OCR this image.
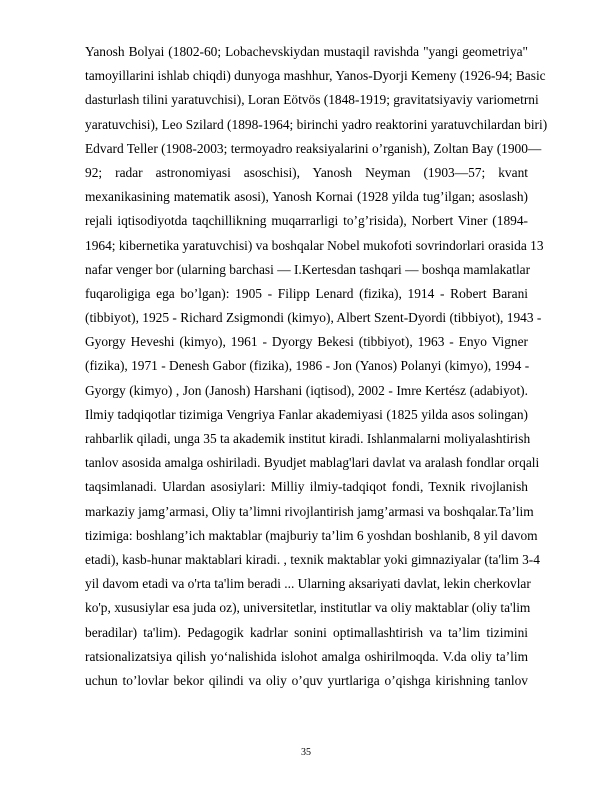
Yanosh Bolyai (1802-60; Lobachevskiydan mustaqil ravishda "yangi geometriya"
tamoyillarini ishlab chiqdi) dunyoga mashhur, Yanos-Dyorji Kemeny (1926-94; Basic
dasturlash tilini yaratuvchisi), Loran Eötvös (1848-1919; gravitatsiyaviy variometrni
yaratuvchisi), Leo Szilard (1898-1964; birinchi yadro reaktorini yaratuvchilardan biri)
Edvard Teller (1908-2003; termoyadro reaksiyalarini o’rganish), Zoltan Bay (1900—
92; radar astronomiyasi asoschisi), Yanosh Neyman (1903—57; kvant
mexanikasining matematik asosi), Yanosh Kornai (1928 yilda tug’ilgan; asoslash)
rejali iqtisodiyotda taqchillikning muqarrarligi to’g’risida), Norbert Viner (1894-
1964; kibernetika yaratuvchisi) va boshqalar Nobel mukofoti sovrindorlari orasida 13
nafar venger bor (ularning barchasi — I.Kertesdan tashqari — boshqa mamlakatlar
fuqaroligiga ega bo’lgan): 1905 - Filipp Lenard (fizika), 1914 - Robert Barani
(tibbiyot), 1925 - Richard Zsigmondi (kimyo), Albert Szent-Dyordi (tibbiyot), 1943 -
Gyorgy Heveshi (kimyo), 1961 - Dyorgy Bekesi (tibbiyot), 1963 - Enyo Vigner
(fizika), 1971 - Denesh Gabor (fizika), 1986 - Jon (Yanos) Polanyi (kimyo), 1994 -
Gyorgy (kimyo) , Jon (Janosh) Harshani (iqtisod), 2002 - Imre Kertész (adabiyot).
Ilmiy tadqiqotlar tizimiga Vengriya Fanlar akademiyasi (1825 yilda asos solingan)
rahbarlik qiladi, unga 35 ta akademik institut kiradi. Ishlanmalarni moliyalashtirish
tanlov asosida amalga oshiriladi. Byudjet mablag'lari davlat va aralash fondlar orqali
taqsimlanadi. Ulardan asosiylari: Milliy ilmiy-tadqiqot fondi, Texnik rivojlanish
markaziy jamg’armasi, Oliy ta’limni rivojlantirish jamg’armasi va boshqalar.Ta’lim
tizimiga: boshlang’ich maktablar (majburiy ta’lim 6 yoshdan boshlanib, 8 yil davom
etadi), kasb-hunar maktablari kiradi. , texnik maktablar yoki gimnaziyalar (ta'lim 3-4
yil davom etadi va o'rta ta'lim beradi ... Ularning aksariyati davlat, lekin cherkovlar
ko'p, xususiylar esa juda oz), universitetlar, institutlar va oliy maktablar (oliy ta'lim
beradilar) ta'lim). Pedagogik kadrlar sonini optimallashtirish va ta’lim tizimini
ratsionalizatsiya qilish yo‘nalishida islohot amalga oshirilmoqda. V.da oliy ta’lim
uchun to’lovlar bekor qilindi va oliy o’quv yurtlariga o’qishga kirishning tanlov
35
